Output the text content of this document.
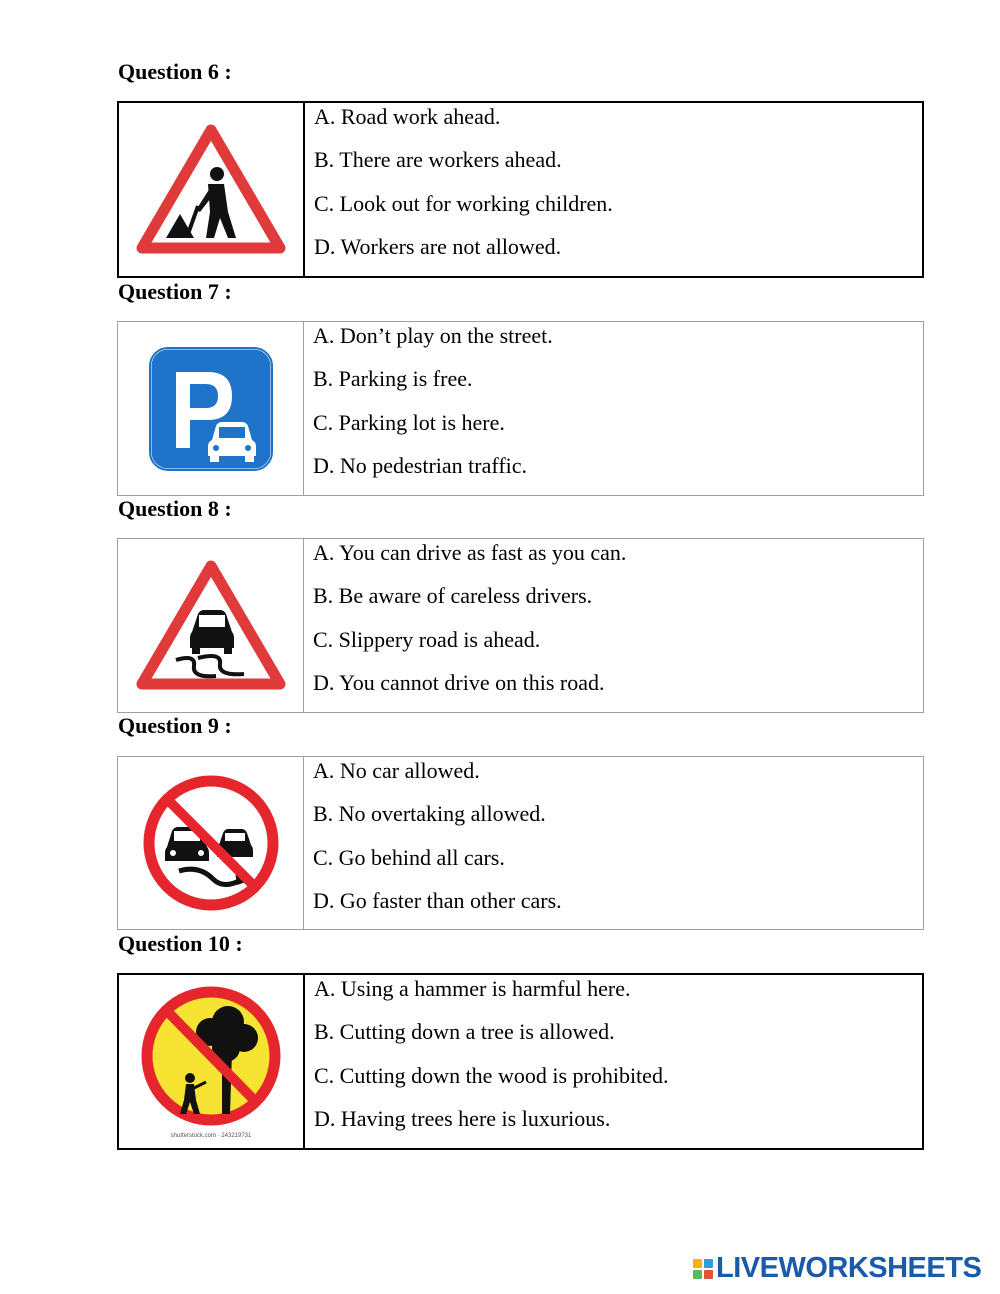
Question 6 :
A. Road work ahead.
B. There are workers ahead.
C. Look out for working children.
D. Workers are not allowed.
Question 7 :
A. Don’t play on the street.
B. Parking is free.
C. Parking lot is here.
D. No pedestrian traffic.
Question 8 :
A. You can drive as fast as you can.
B. Be aware of careless drivers.
C. Slippery road is ahead.
D. You cannot drive on this road.
Question 9 :
A. No car allowed.
B. No overtaking allowed.
C. Go behind all cars.
D. Go faster than other cars.
Question 10 :
shutterstock.com · 243219731
A. Using a hammer is harmful here.
B. Cutting down a tree is allowed.
C. Cutting down the wood is prohibited.
D. Having trees here is luxurious.
LIVEWORKSHEETS
